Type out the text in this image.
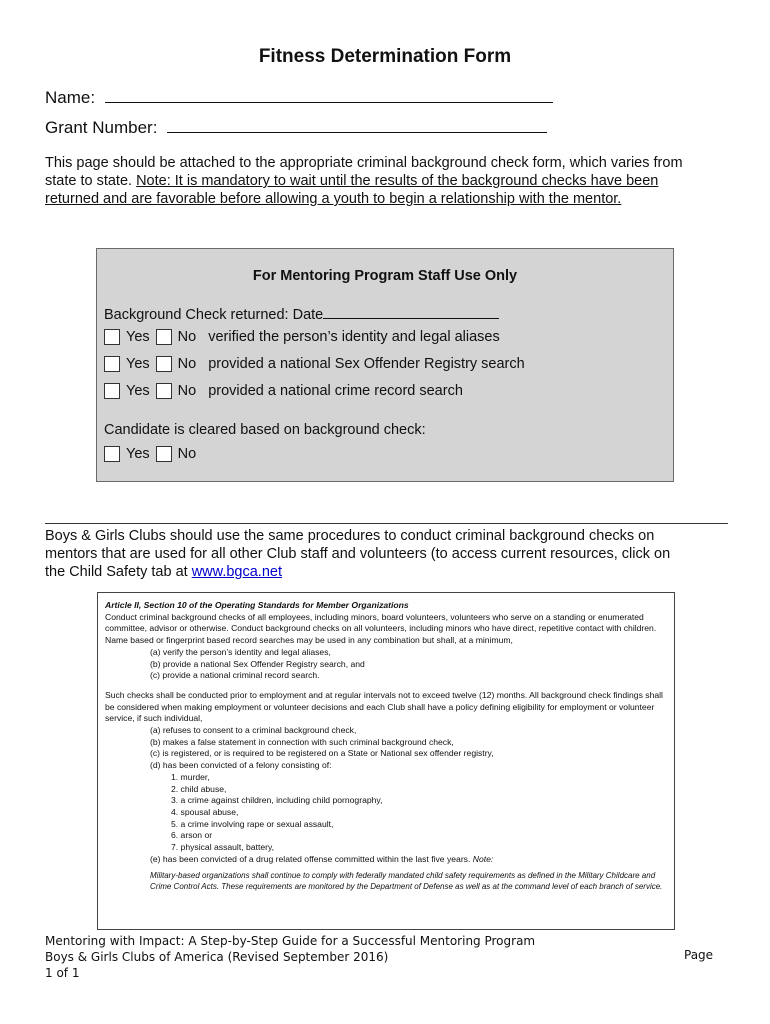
Fitness Determination Form
Name:
Grant Number:
This page should be attached to the appropriate criminal background check form, which varies from state to state. Note: It is mandatory to wait until the results of the background checks have been returned and are favorable before allowing a youth to begin a relationship with the mentor.
For Mentoring Program Staff Use Only
Background Check returned: Date
Yes No verified the person’s identity and legal aliases
Yes No provided a national Sex Offender Registry search
Yes No provided a national crime record search
Candidate is cleared based on background check:
Yes No
Boys & Girls Clubs should use the same procedures to conduct criminal background checks on mentors that are used for all other Club staff and volunteers (to access current resources, click on the Child Safety tab at www.bgca.net
Article II, Section 10 of the Operating Standards for Member Organizations
Conduct criminal background checks of all employees, including minors, board volunteers, volunteers who serve on a standing or enumerated committee, advisor or otherwise. Conduct background checks on all volunteers, including minors who have direct, repetitive contact with children. Name based or fingerprint based record searches may be used in any combination but shall, at a minimum,
(a) verify the person’s identity and legal aliases,
(b) provide a national Sex Offender Registry search, and
(c) provide a national criminal record search.
Such checks shall be conducted prior to employment and at regular intervals not to exceed twelve (12) months. All background check findings shall be considered when making employment or volunteer decisions and each Club shall have a policy defining eligibility for employment or volunteer service, if such individual,
(a) refuses to consent to a criminal background check,
(b) makes a false statement in connection with such criminal background check,
(c) is registered, or is required to be registered on a State or National sex offender registry,
(d) has been convicted of a felony consisting of:
1. murder,
2. child abuse,
3. a crime against children, including child pornography,
4. spousal abuse,
5. a crime involving rape or sexual assault,
6. arson or
7. physical assault, battery,
(e) has been convicted of a drug related offense committed within the last five years. Note:
Military-based organizations shall continue to comply with federally mandated child safety requirements as defined in the Military Childcare and Crime Control Acts. These requirements are monitored by the Department of Defense as well as at the command level of each branch of service.
Mentoring with Impact: A Step-by-Step Guide for a Successful Mentoring Program
Boys & Girls Clubs of America (Revised September 2016)
1 of 1
Page
